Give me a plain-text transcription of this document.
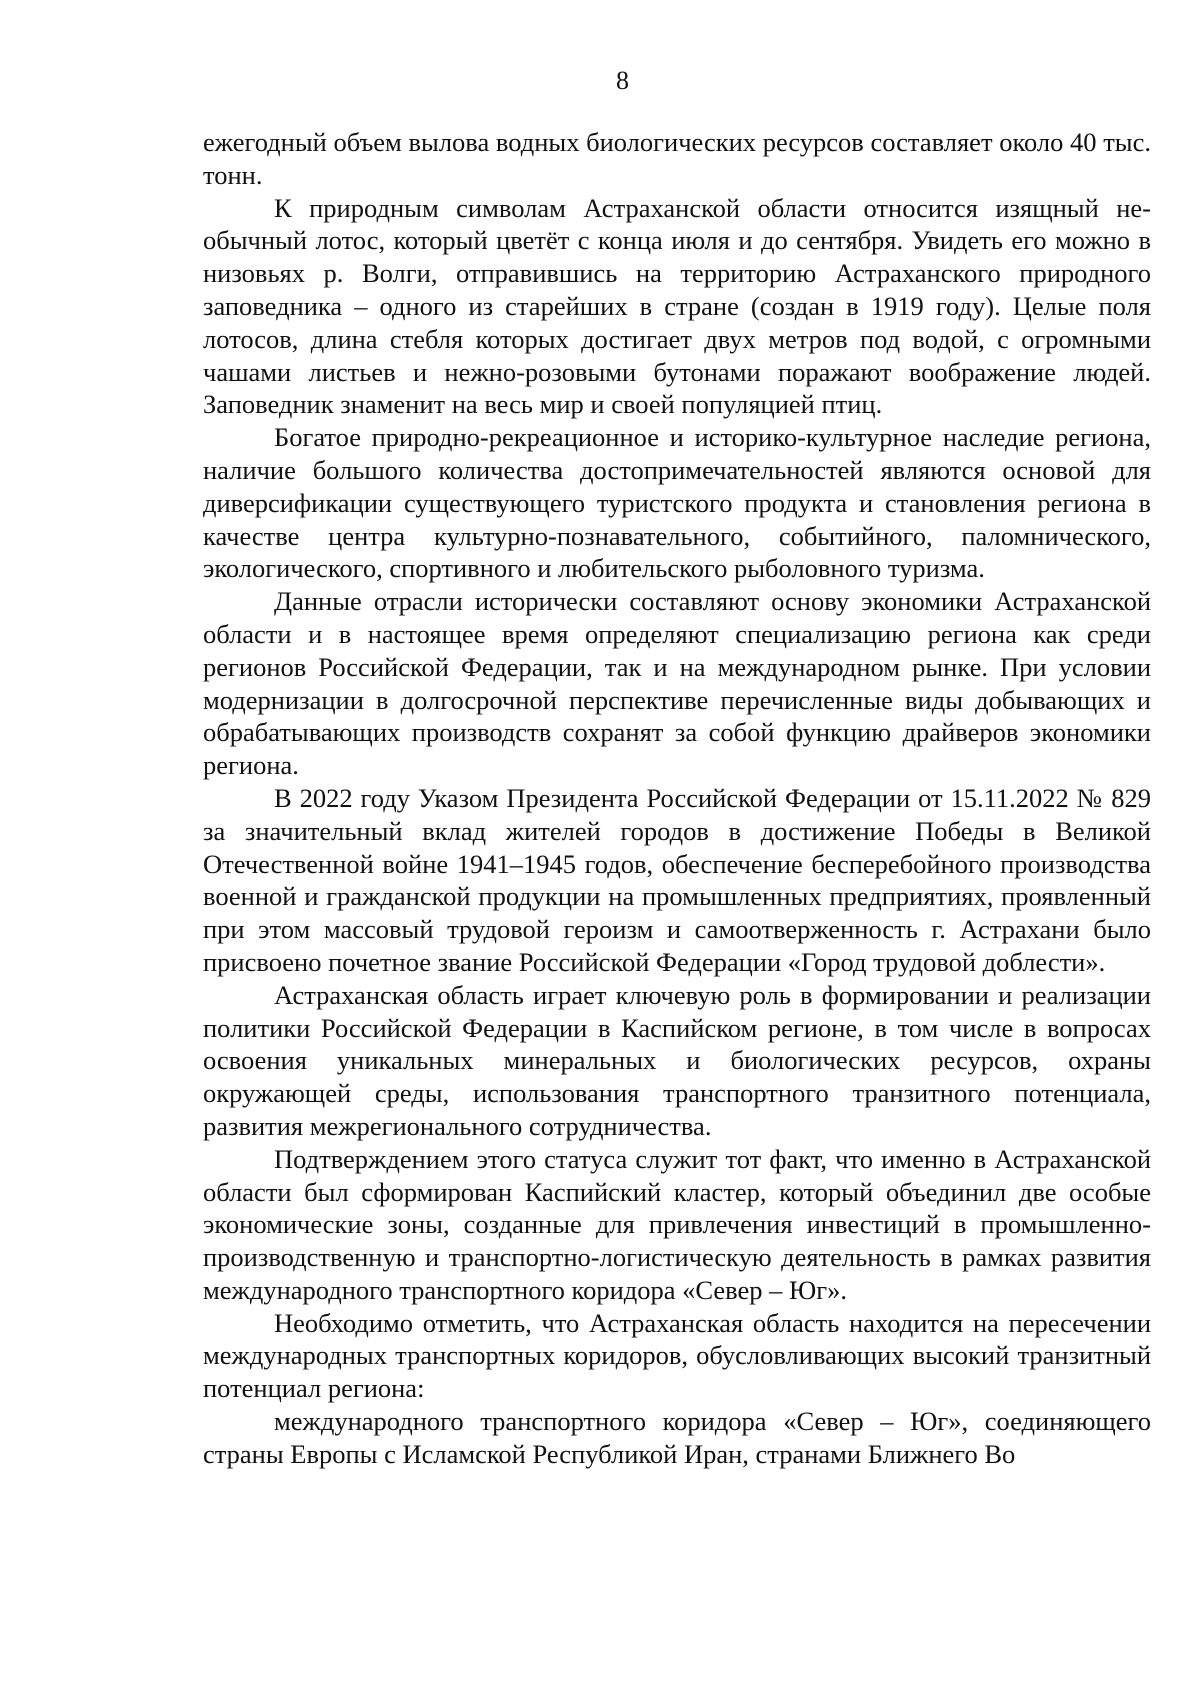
8

ежегодный объем вылова водных биологических ресурсов составляет около 40 тыс. тонн.

К природным символам Астраханской области относится изящный необычный лотос, который цветёт с конца июля и до сентября. Увидеть его можно в низовьях р. Волги, отправившись на территорию Астраханского природного заповедника – одного из старейших в стране (создан в 1919 году). Целые поля лотосов, длина стебля которых достигает двух метров под водой, с огромными чашами листьев и нежно-розовыми бутонами поражают воображение людей. Заповедник знаменит на весь мир и своей популяцией птиц.

Богатое природно-рекреационное и историко-культурное наследие региона, наличие большого количества достопримечательностей являются основой для диверсификации существующего туристского продукта и становления региона в качестве центра культурно-познавательного, событийного, паломнического, экологического, спортивного и любительского рыболовного туризма.

Данные отрасли исторически составляют основу экономики Астраханской области и в настоящее время определяют специализацию региона как среди регионов Российской Федерации, так и на международном рынке. При условии модернизации в долгосрочной перспективе перечисленные виды добывающих и обрабатывающих производств сохранят за собой функцию драйверов экономики региона.

В 2022 году Указом Президента Российской Федерации от 15.11.2022 № 829 за значительный вклад жителей городов в достижение Победы в Великой Отечественной войне 1941–1945 годов, обеспечение бесперебойного производства военной и гражданской продукции на промышленных предприятиях, проявленный при этом массовый трудовой героизм и самоотверженность г. Астрахани было присвоено почетное звание Российской Федерации «Город трудовой доблести».

Астраханская область играет ключевую роль в формировании и реализации политики Российской Федерации в Каспийском регионе, в том числе в вопросах освоения уникальных минеральных и биологических ресурсов, охраны окружающей среды, использования транспортного транзитного потенциала, развития межрегионального сотрудничества.

Подтверждением этого статуса служит тот факт, что именно в Астраханской области был сформирован Каспийский кластер, который объединил две особые экономические зоны, созданные для привлечения инвестиций в промышленно-производственную и транспортно-логистическую деятельность в рамках развития международного транспортного коридора «Север – Юг».

Необходимо отметить, что Астраханская область находится на пересечении международных транспортных коридоров, обусловливающих высокий транзитный потенциал региона:

международного транспортного коридора «Север – Юг», соединяющего страны Европы с Исламской Республикой Иран, странами Ближнего Во
